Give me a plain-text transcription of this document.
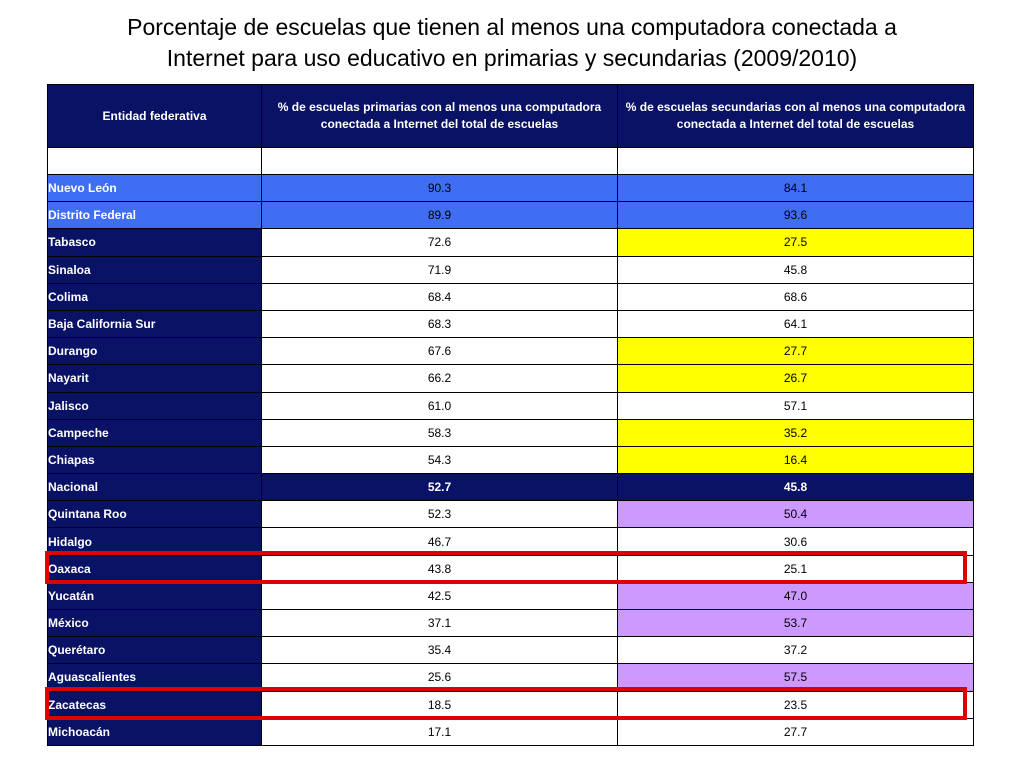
Porcentaje de escuelas que tienen al menos una computadora conectada a
Internet para uso educativo en primarias y secundarias (2009/2010)
Entidad federativa	% de escuelas primarias con al menos una computadora conectada a Internet del total de escuelas	% de escuelas secundarias con al menos una computadora conectada a Internet del total de escuelas

Nuevo León	90.3	84.1
Distrito Federal	89.9	93.6
Tabasco	72.6	27.5
Sinaloa	71.9	45.8
Colima	68.4	68.6
Baja California Sur	68.3	64.1
Durango	67.6	27.7
Nayarit	66.2	26.7
Jalisco	61.0	57.1
Campeche	58.3	35.2
Chiapas	54.3	16.4
Nacional	52.7	45.8
Quintana Roo	52.3	50.4
Hidalgo	46.7	30.6
Oaxaca	43.8	25.1
Yucatán	42.5	47.0
México	37.1	53.7
Querétaro	35.4	37.2
Aguascalientes	25.6	57.5
Zacatecas	18.5	23.5
Michoacán	17.1	27.7
